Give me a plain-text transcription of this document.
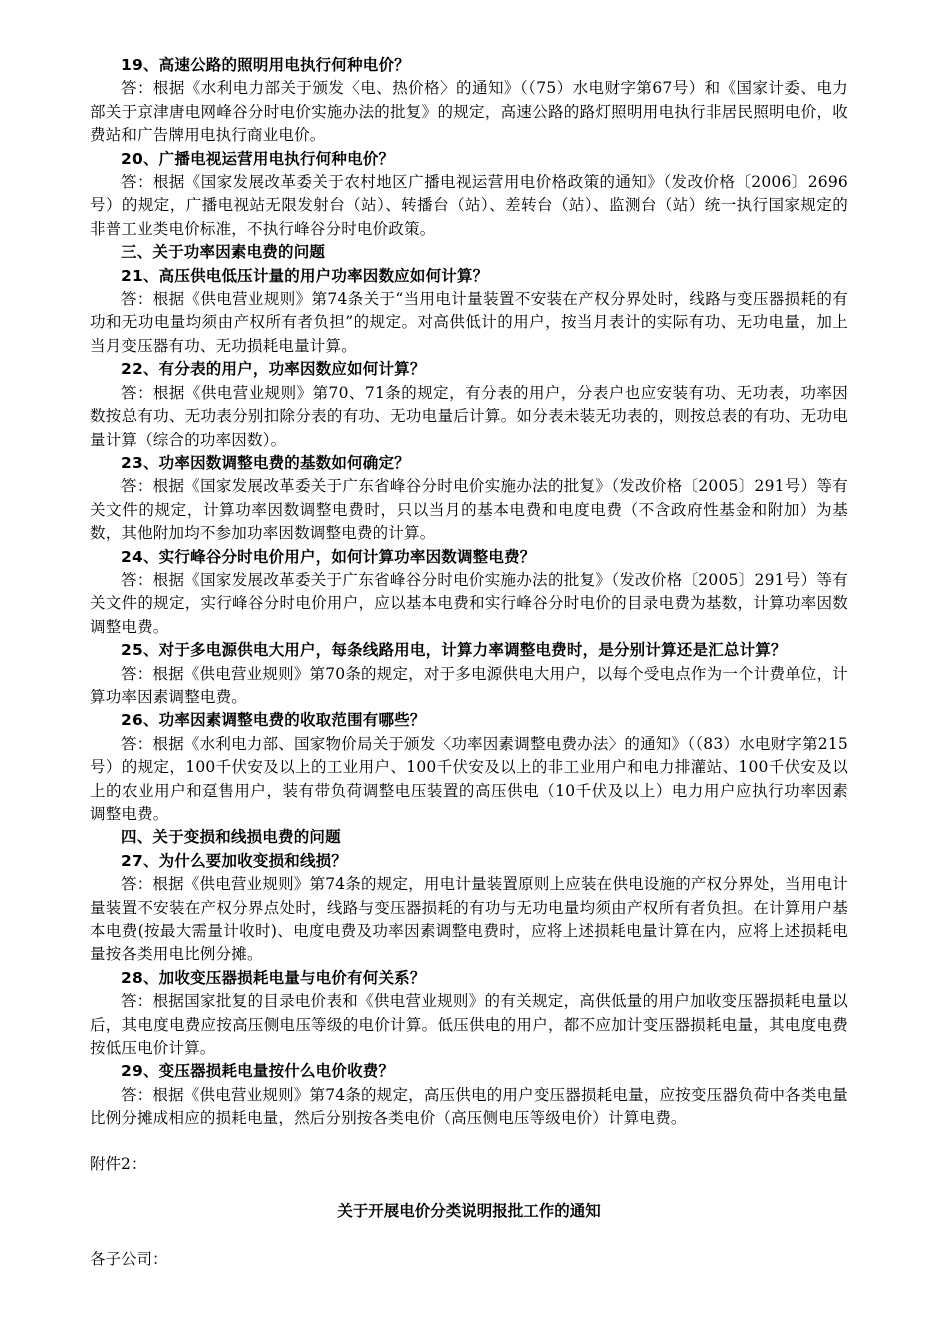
19、高速公路的照明用电执行何种电价？

答：根据《水利电力部关于颁发〈电、热价格〉的通知》（（75）水电财字第67号）和《国家计委、电力部关于京津唐电网峰谷分时电价实施办法的批复》的规定，高速公路的路灯照明用电执行非居民照明电价，收费站和广告牌用电执行商业电价。

20、广播电视运营用电执行何种电价？

答：根据《国家发展改革委关于农村地区广播电视运营用电价格政策的通知》（发改价格〔2006〕2696号）的规定，广播电视站无限发射台（站）、转播台（站）、差转台（站）、监测台（站）统一执行国家规定的非普工业类电价标准，不执行峰谷分时电价政策。

三、关于功率因素电费的问题

21、高压供电低压计量的用户功率因数应如何计算？

答：根据《供电营业规则》第74条关于“当用电计量装置不安装在产权分界处时，线路与变压器损耗的有功和无功电量均须由产权所有者负担”的规定。对高供低计的用户，按当月表计的实际有功、无功电量，加上当月变压器有功、无功损耗电量计算。

22、有分表的用户，功率因数应如何计算？

答：根据《供电营业规则》第70、71条的规定，有分表的用户，分表户也应安装有功、无功表，功率因数按总有功、无功表分别扣除分表的有功、无功电量后计算。如分表未装无功表的，则按总表的有功、无功电量计算（综合的功率因数）。

23、功率因数调整电费的基数如何确定？

答：根据《国家发展改革委关于广东省峰谷分时电价实施办法的批复》（发改价格〔2005〕291号）等有关文件的规定，计算功率因数调整电费时，只以当月的基本电费和电度电费（不含政府性基金和附加）为基数，其他附加均不参加功率因数调整电费的计算。

24、实行峰谷分时电价用户，如何计算功率因数调整电费？

答：根据《国家发展改革委关于广东省峰谷分时电价实施办法的批复》（发改价格〔2005〕291号）等有关文件的规定，实行峰谷分时电价用户，应以基本电费和实行峰谷分时电价的目录电费为基数，计算功率因数调整电费。

25、对于多电源供电大用户，每条线路用电，计算力率调整电费时，是分别计算还是汇总计算？

答：根据《供电营业规则》第70条的规定，对于多电源供电大用户，以每个受电点作为一个计费单位，计算功率因素调整电费。

26、功率因素调整电费的收取范围有哪些？

答：根据《水利电力部、国家物价局关于颁发〈功率因素调整电费办法〉的通知》（（83）水电财字第215号）的规定，100千伏安及以上的工业用户、100千伏安及以上的非工业用户和电力排灌站、100千伏安及以上的农业用户和趸售用户，装有带负荷调整电压装置的高压供电（10千伏及以上）电力用户应执行功率因素调整电费。

四、关于变损和线损电费的问题

27、为什么要加收变损和线损？

答：根据《供电营业规则》第74条的规定，用电计量装置原则上应装在供电设施的产权分界处，当用电计量装置不安装在产权分界点处时，线路与变压器损耗的有功与无功电量均须由产权所有者负担。在计算用户基本电费(按最大需量计收时)、电度电费及功率因素调整电费时，应将上述损耗电量计算在内，应将上述损耗电量按各类用电比例分摊。

28、加收变压器损耗电量与电价有何关系？

答：根据国家批复的目录电价表和《供电营业规则》的有关规定，高供低量的用户加收变压器损耗电量以后，其电度电费应按高压侧电压等级的电价计算。低压供电的用户，都不应加计变压器损耗电量，其电度电费按低压电价计算。

29、变压器损耗电量按什么电价收费？

答：根据《供电营业规则》第74条的规定，高压供电的用户变压器损耗电量，应按变压器负荷中各类电量比例分摊成相应的损耗电量，然后分别按各类电价（高压侧电压等级电价）计算电费。

附件2：

关于开展电价分类说明报批工作的通知

各子公司：
